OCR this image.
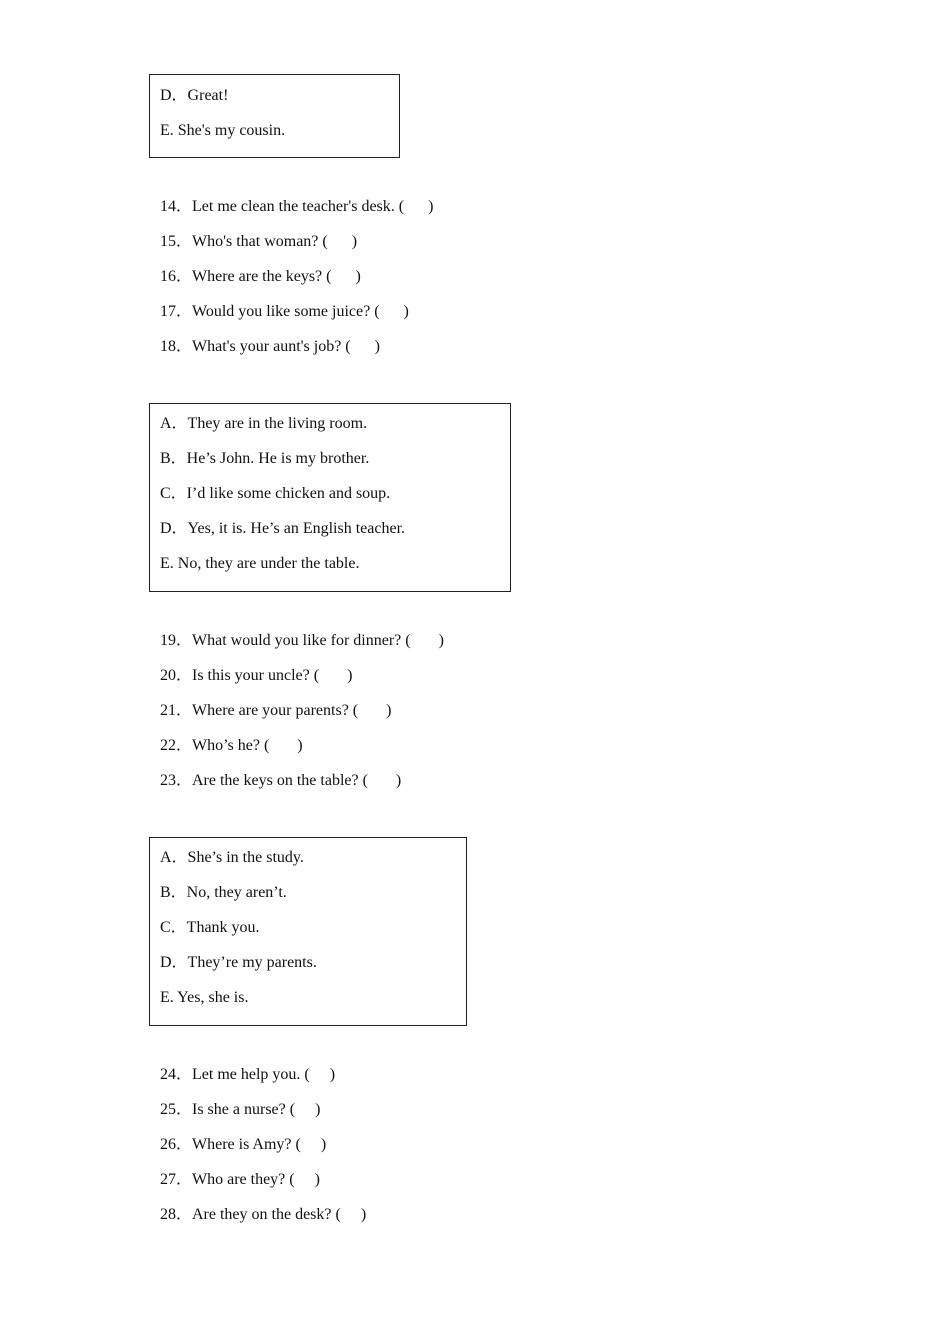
D．Great!
E. She's my cousin.
14．Let me clean the teacher's desk. (      )
15．Who's that woman? (      )
16．Where are the keys? (      )
17．Would you like some juice? (      )
18．What's your aunt's job? (      )
A．They are in the living room.
B．He’s John. He is my brother.
C．I’d like some chicken and soup.
D．Yes, it is. He’s an English teacher.
E. No, they are under the table.
19．What would you like for dinner? (       )
20．Is this your uncle? (       )
21．Where are your parents? (       )
22．Who’s he? (       )
23．Are the keys on the table? (       )
A．She’s in the study.
B．No, they aren’t.
C．Thank you.
D．They’re my parents.
E. Yes, she is.
24．Let me help you. (     )
25．Is she a nurse? (     )
26．Where is Amy? (     )
27．Who are they? (     )
28．Are they on the desk? (     )
